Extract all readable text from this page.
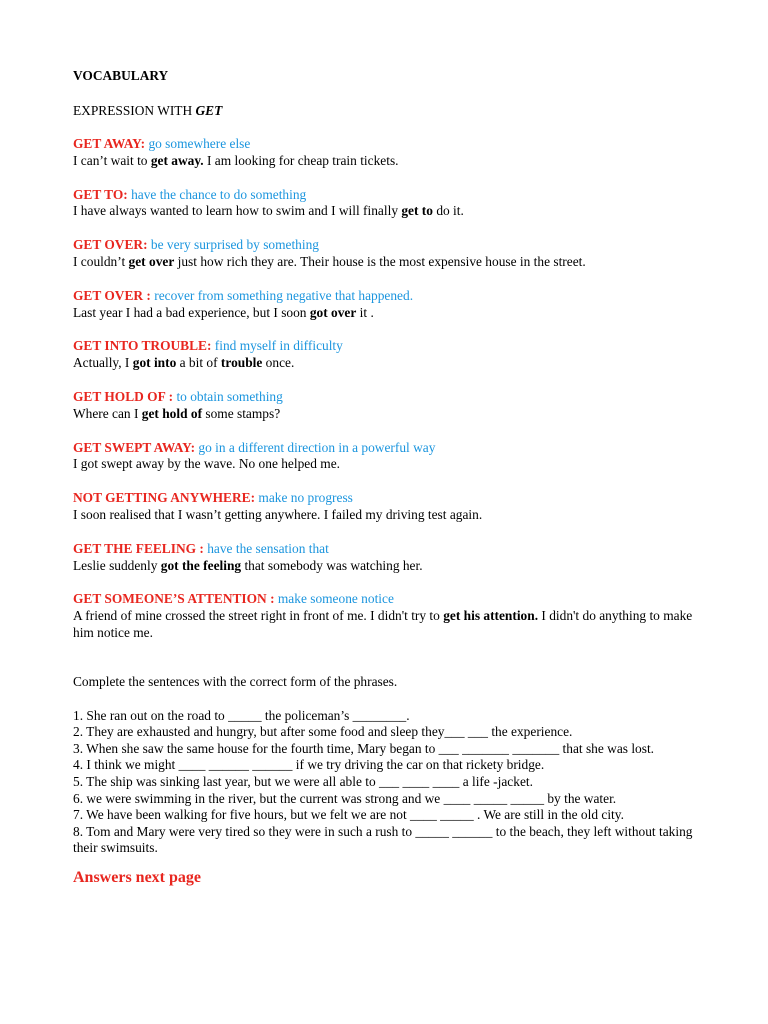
VOCABULARY
EXPRESSION WITH GET
GET AWAY: go somewhere else
I can’t wait to get away. I am looking for cheap train tickets.
GET TO: have the chance to do something
I have always wanted to learn how to swim and I will finally get to do it.
GET OVER: be very surprised by something
I couldn’t get over just how rich they are. Their house is the most expensive house in the street.
GET OVER : recover from something negative that happened.
Last year I had a bad experience, but I soon got over it .
GET INTO TROUBLE: find myself in difficulty
Actually, I got into a bit of trouble once.
GET HOLD OF : to obtain something
Where can I get hold of some stamps?
GET SWEPT AWAY: go in a different direction in a powerful way
I got swept away by the wave. No one helped me.
NOT GETTING ANYWHERE: make no progress
I soon realised that I wasn’t getting anywhere. I failed my driving test again.
GET THE FEELING : have the sensation that
Leslie suddenly got the feeling that somebody was watching her.
GET SOMEONE’S ATTENTION : make someone notice
A friend of mine crossed the street right in front of me. I didn't try to get his attention. I didn't do anything to make him notice me.
Complete the sentences with the correct form of the phrases.
1. She ran out on the road to _____ the policeman’s ________.
2. They are exhausted and hungry, but after some food and sleep they___ ___ the experience.
3. When she saw the same house for the fourth time, Mary began to ___ _______ _______ that she was lost.
4. I think we might ____ ______ ______ if we try driving the car on that rickety bridge.
5. The ship was sinking last year, but we were all able to ___ ____ ____ a life -jacket.
6. we were swimming in the river, but the current was strong and we ____ _____ _____ by the water.
7. We have been walking for five hours, but we felt we are not ____ _____ . We are still in the old city.
8. Tom and Mary were very tired so they were in such a rush to _____ ______ to the beach, they left without taking their swimsuits.
Answers next page
